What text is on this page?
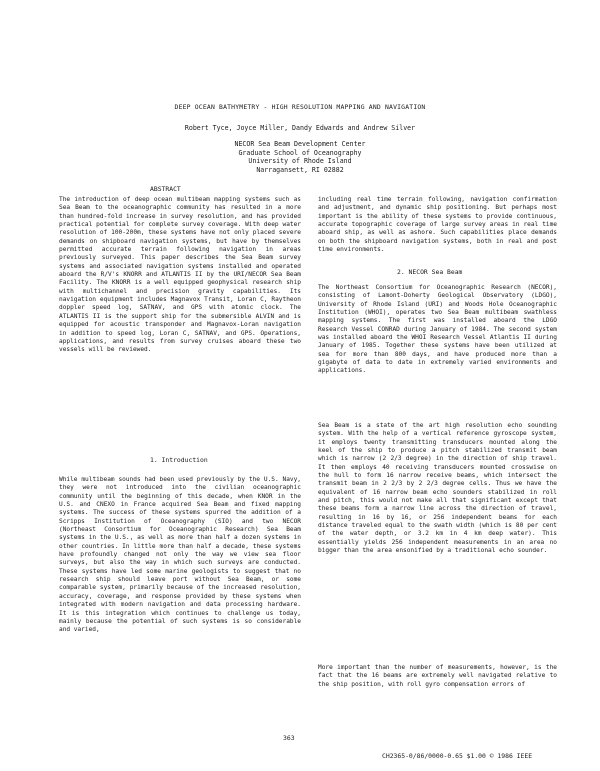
DEEP OCEAN BATHYMETRY - HIGH RESOLUTION MAPPING AND NAVIGATION
Robert Tyce, Joyce Miller, Dandy Edwards and Andrew Silver
NECOR Sea Beam Development Center
Graduate School of Oceanography
University of Rhode Island
Narragansett, RI 02882
ABSTRACT

The introduction of deep ocean multibeam mapping systems such as Sea Beam to the oceanographic community has resulted in a more than hundred-fold increase in survey resolution, and has provided practical potential for complete survey coverage. With deep water resolution of 100-200m, these systems have not only placed severe demands on shipboard navigation systems, but have by themselves permitted accurate terrain following navigation in areas previously surveyed. This paper describes the Sea Beam survey systems and associated navigation systems installed and operated aboard the R/V's KNORR and ATLANTIS II by the URI/NECOR Sea Beam Facility. The KNORR is a well equipped geophysical research ship with multichannel and precision gravity capabilities. Its navigation equipment includes Magnavox Transit, Loran C, Raytheon doppler speed log, SATNAV, and GPS with atomic clock. The ATLANTIS II is the support ship for the submersible ALVIN and is equipped for acoustic transponder and Magnavox-Loran navigation in addition to speed log, Loran C, SATNAV, and GPS. Operations, applications, and results from survey cruises aboard these two vessels will be reviewed.

1. Introduction

While multibeam sounds had been used previously by the U.S. Navy, they were not introduced into the civilian oceanographic community until the beginning of this decade, when KNOR in the U.S. and CNEXO in France acquired Sea Beam and fixed mapping systems. The success of these systems spurred the addition of a Scripps Institution of Oceanography (SIO) and two NECOR (Northeast Consortium for Oceanographic Research) Sea Beam systems in the U.S., as well as more than half a dozen systems in other countries. In little more than half a decade, these systems have profoundly changed not only the way we view sea floor surveys, but also the way in which such surveys are conducted. These systems have led some marine geologists to suggest that no research ship should leave port without Sea Beam, or some comparable system, primarily because of the increased resolution, accuracy, coverage, and response provided by these systems when integrated with modern navigation and data processing hardware. It is this integration which continues to challenge us today, mainly because the potential of such systems is so considerable and varied,

including real time terrain following, navigation confirmation and adjustment, and dynamic ship positioning. But perhaps most important is the ability of these systems to provide continuous, accurate topographic coverage of large survey areas in real time aboard ship, as well as ashore. Such capabilities place demands on both the shipboard navigation systems, both in real and post time environments.

2. NECOR Sea Beam

The Northeast Consortium for Oceanographic Research (NECOR), consisting of Lamont-Doherty Geological Observatory (LDGO), University of Rhode Island (URI) and Woods Hole Oceanographic Institution (WHOI), operates two Sea Beam multibeam swathless mapping systems. The first was installed aboard the LDGO Research Vessel CONRAD during January of 1984. The second system was installed aboard the WHOI Research Vessel Atlantis II during January of 1985. Together these systems have been utilized at sea for more than 800 days, and have produced more than a gigabyte of data to date in extremely varied environments and applications.

Sea Beam is a state of the art high resolution echo sounding system. With the help of a vertical reference gyroscope system, it employs twenty transmitting transducers mounted along the keel of the ship to produce a pitch stabilized transmit beam which is narrow (2 2/3 degree) in the direction of ship travel. It then employs 40 receiving transducers mounted crosswise on the hull to form 16 narrow receive beams, which intersect the transmit beam in 2 2/3 by 2 2/3 degree cells. Thus we have the equivalent of 16 narrow beam echo sounders stabilized in roll and pitch, this would not make all that significant except that these beams form a narrow line across the direction of travel, resulting in 16 by 16, or 256 independent beams for each distance traveled equal to the swath width (which is 80 per cent of the water depth, or 3.2 km in 4 km deep water). This essentially yields 256 independent measurements in an area no bigger than the area ensonified by a traditional echo sounder.

More important than the number of measurements, however, is the fact that the 16 beams are extremely well navigated relative to the ship position, with roll gyro compensation errors of

363
CH2365-0/86/0000-0.65 $1.00 © 1986 IEEE
